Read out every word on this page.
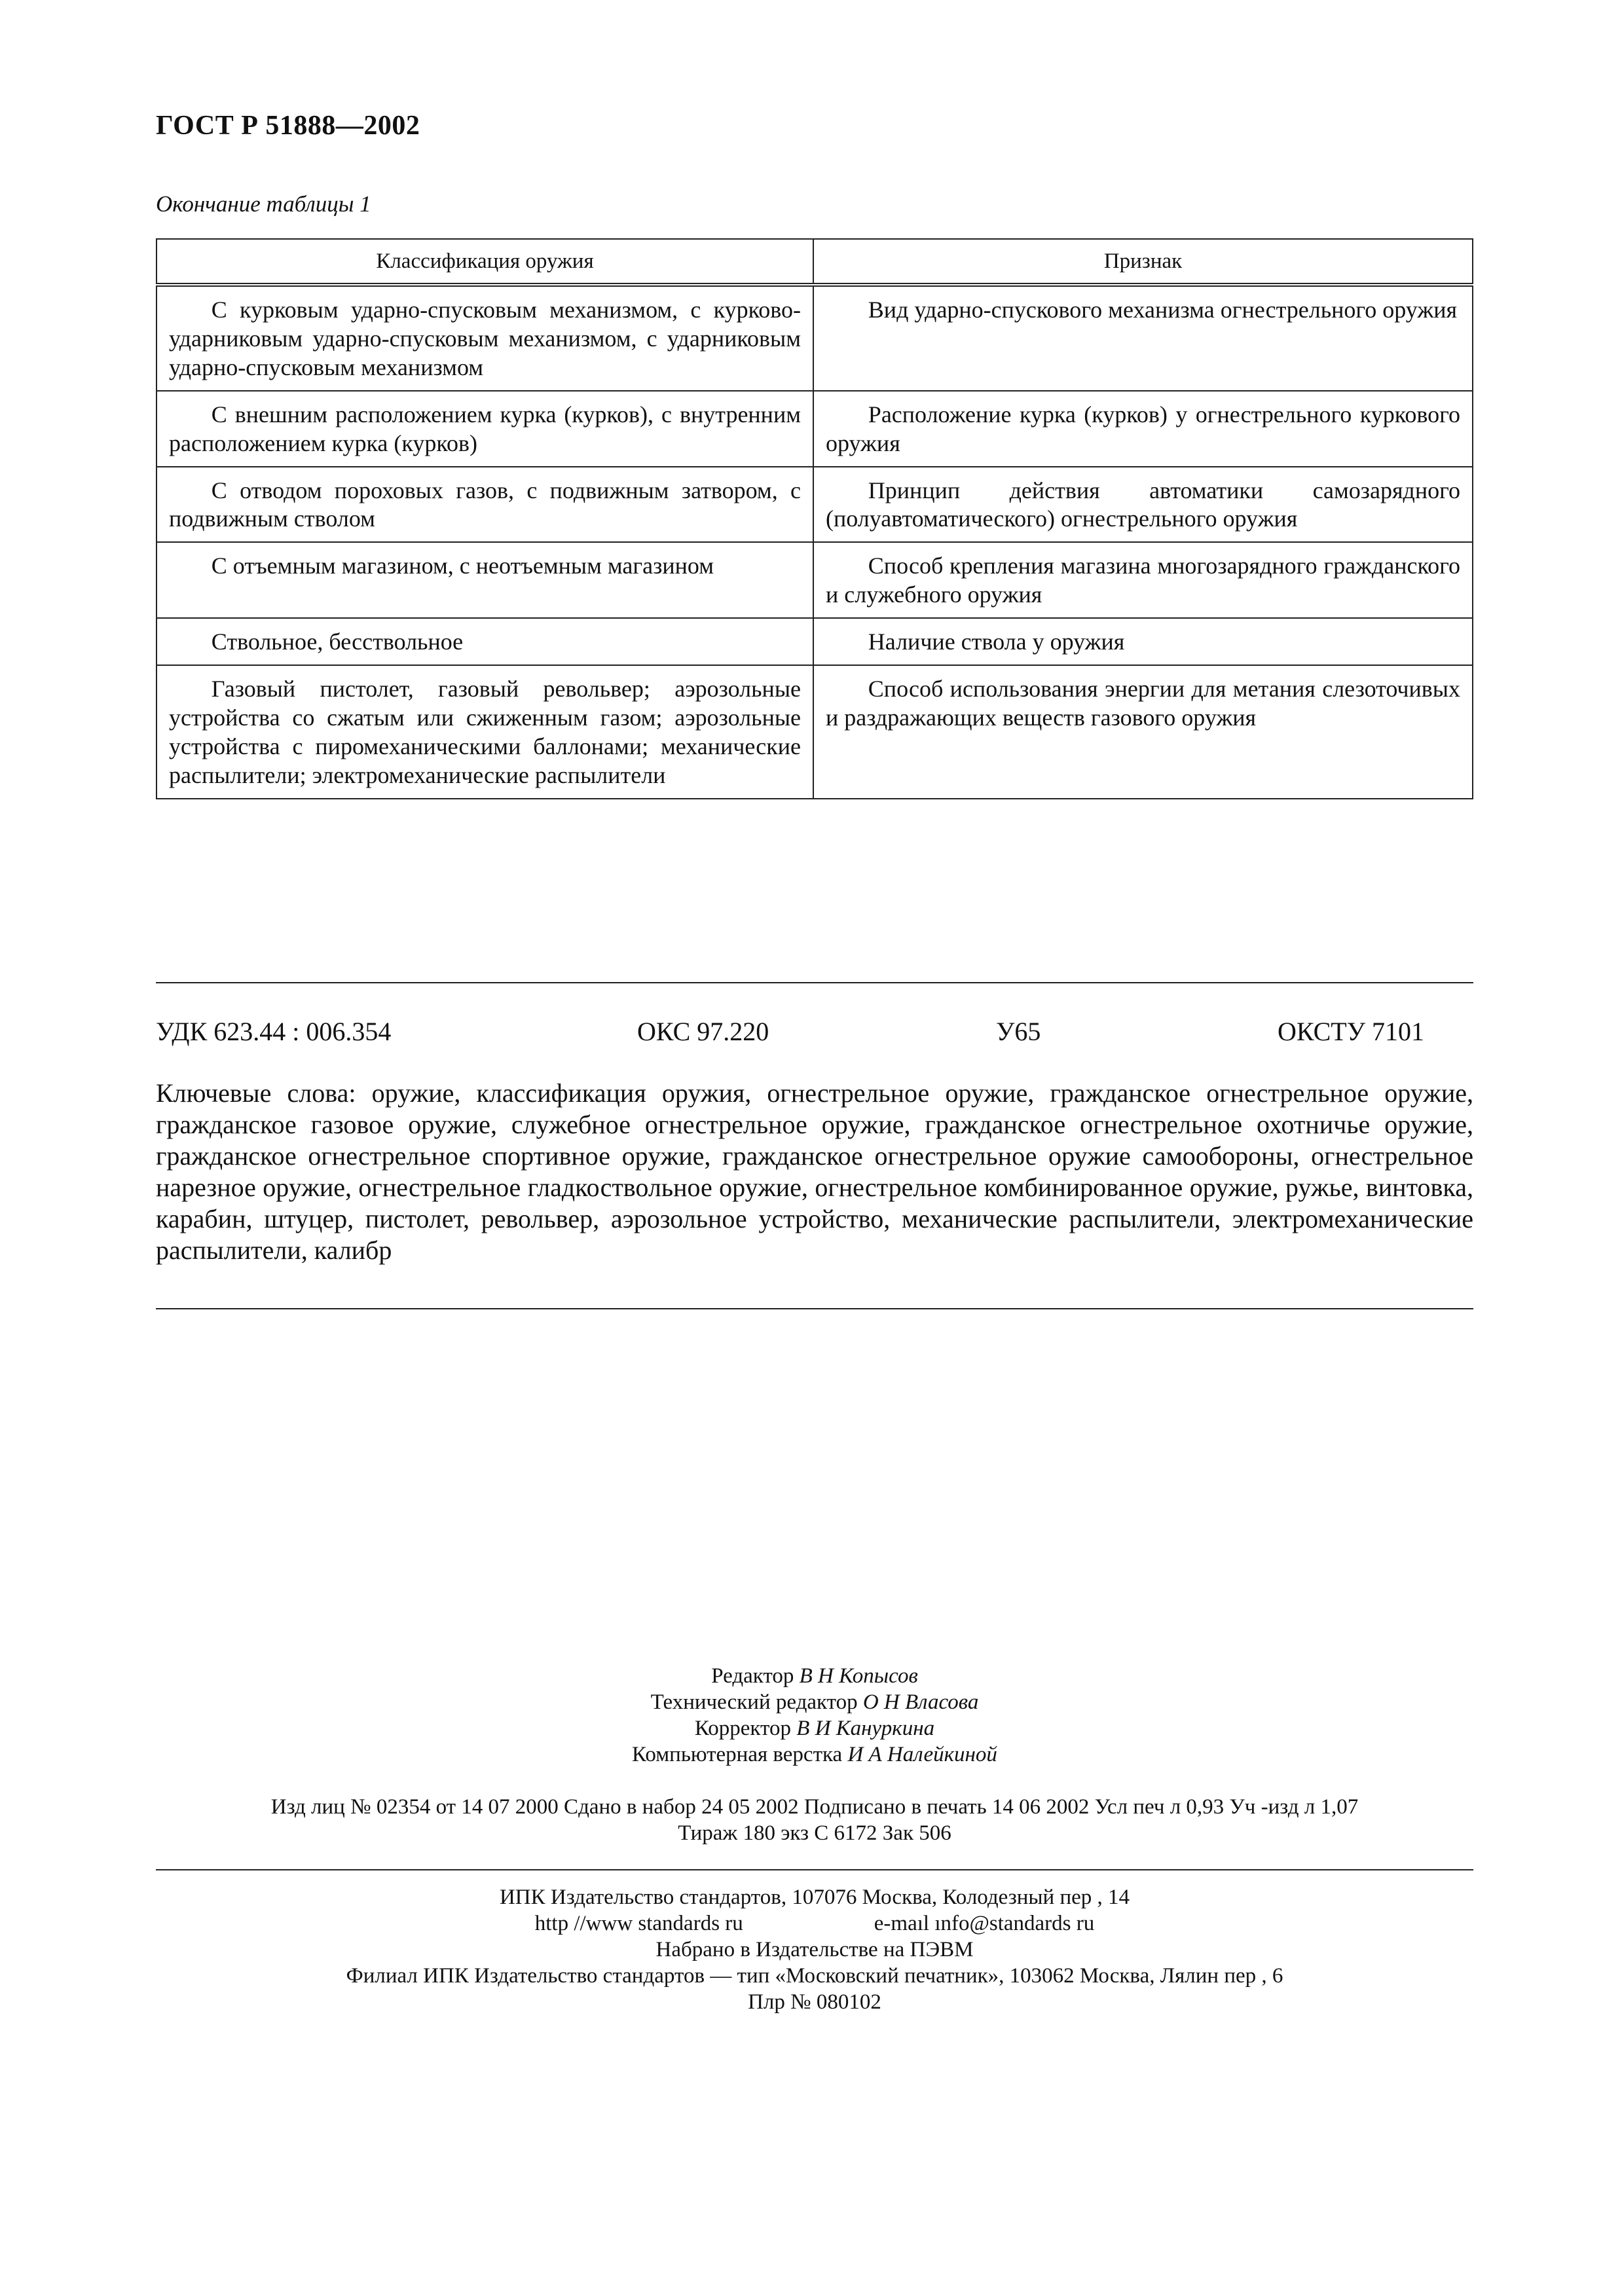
ГОСТ Р 51888—2002
Окончание таблицы 1
Классификация оружия	Признак
С курковым ударно-спусковым механизмом, с курково-ударниковым ударно-спусковым механизмом, с ударниковым ударно-спусковым механизмом	Вид ударно-спускового механизма огнестрельного оружия
С внешним расположением курка (курков), с внутренним расположением курка (курков)	Расположение курка (курков) у огнестрельного куркового оружия
С отводом пороховых газов, с подвижным затвором, с подвижным стволом	Принцип действия автоматики самозарядного (полуавтоматического) огнестрельного оружия
С отъемным магазином, с неотъемным магазином	Способ крепления магазина многозарядного гражданского и служебного оружия
Ствольное, бесствольное	Наличие ствола у оружия
Газовый пистолет, газовый револьвер; аэрозольные устройства со сжатым или сжиженным газом; аэрозольные устройства с пиромеханическими баллонами; механические распылители; электромеханические распылители	Способ использования энергии для метания слезоточивых и раздражающих веществ газового оружия
УДК 623.44 : 006.354	ОКС 97.220	У65	ОКСТУ 7101
Ключевые слова: оружие, классификация оружия, огнестрельное оружие, гражданское огнестрельное оружие, гражданское газовое оружие, служебное огнестрельное оружие, гражданское огнестрельное охотничье оружие, гражданское огнестрельное спортивное оружие, гражданское огнестрельное оружие самообороны, огнестрельное нарезное оружие, огнестрельное гладкоствольное оружие, огнестрельное комбинированное оружие, ружье, винтовка, карабин, штуцер, пистолет, револьвер, аэрозольное устройство, механические распылители, электромеханические распылители, калибр
Редактор В Н Копысов
Технический редактор О Н Власова
Корректор В И Кануркина
Компьютерная верстка И А Налейкиной
Изд лиц № 02354 от 14 07 2000 Сдано в набор 24 05 2002 Подписано в печать 14 06 2002 Усл печ л 0,93 Уч -изд л 1,07
Тираж 180 экз С 6172 Зак 506
ИПК Издательство стандартов, 107076 Москва, Колодезный пер , 14
http //www standards ru	e-maıl ınfo@standards ru
Набрано в Издательстве на ПЭВМ
Филиал ИПК Издательство стандартов — тип «Московский печатник», 103062 Москва, Лялин пер , 6
Плр № 080102
